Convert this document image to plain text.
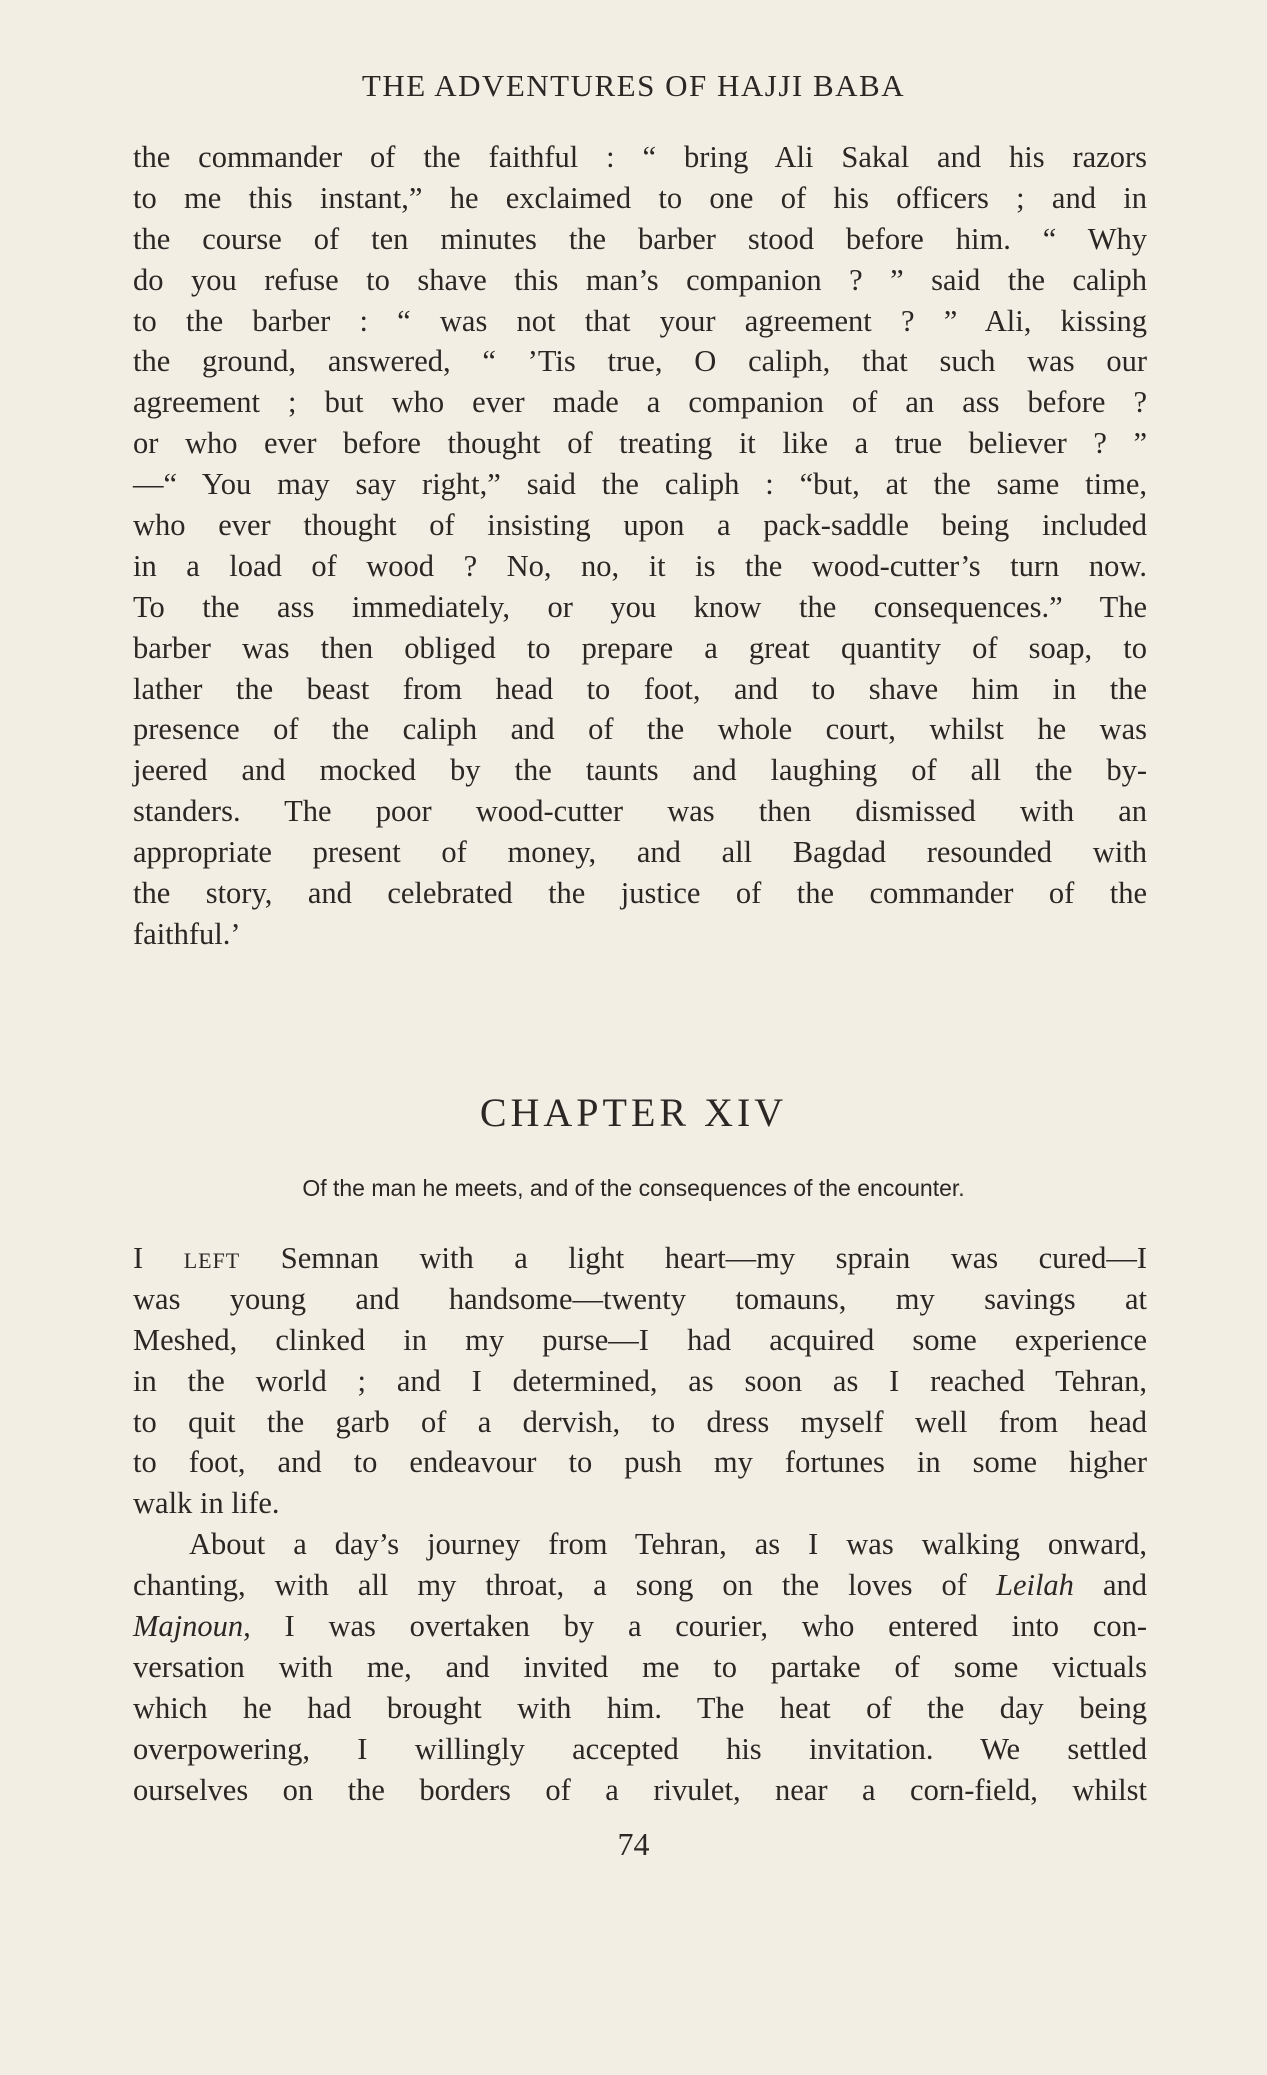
THE ADVENTURES OF HAJJI BABA

the commander of the faithful : “ bring Ali Sakal and his razors

to me this instant,” he exclaimed to one of his officers ; and in

the course of ten minutes the barber stood before him. “ Why

do you refuse to shave this man’s companion ? ” said the caliph

to the barber : “ was not that your agreement ? ” Ali, kissing

the ground, answered, “ ’Tis true, O caliph, that such was our

agreement ; but who ever made a companion of an ass before ?

or who ever before thought of treating it like a true believer ? ”

—“ You may say right,” said the caliph : “but, at the same time,

who ever thought of insisting upon a pack-saddle being included

in a load of wood ? No, no, it is the wood-cutter’s turn now.

To the ass immediately, or you know the consequences.” The

barber was then obliged to prepare a great quantity of soap, to

lather the beast from head to foot, and to shave him in the

presence of the caliph and of the whole court, whilst he was

jeered and mocked by the taunts and laughing of all the by-

standers. The poor wood-cutter was then dismissed with an

appropriate present of money, and all Bagdad resounded with

the story, and celebrated the justice of the commander of the

faithful.’

CHAPTER XIV
Of the man he meets, and of the consequences of the encounter.

I LEFT Semnan with a light heart—my sprain was cured—I

was young and handsome—twenty tomauns, my savings at

Meshed, clinked in my purse—I had acquired some experience

in the world ; and I determined, as soon as I reached Tehran,

to quit the garb of a dervish, to dress myself well from head

to foot, and to endeavour to push my fortunes in some higher

walk in life.

About a day’s journey from Tehran, as I was walking onward,

chanting, with all my throat, a song on the loves of Leilah and

Majnoun, I was overtaken by a courier, who entered into con-

versation with me, and invited me to partake of some victuals

which he had brought with him. The heat of the day being

overpowering, I willingly accepted his invitation. We settled

ourselves on the borders of a rivulet, near a corn-field, whilst

74
